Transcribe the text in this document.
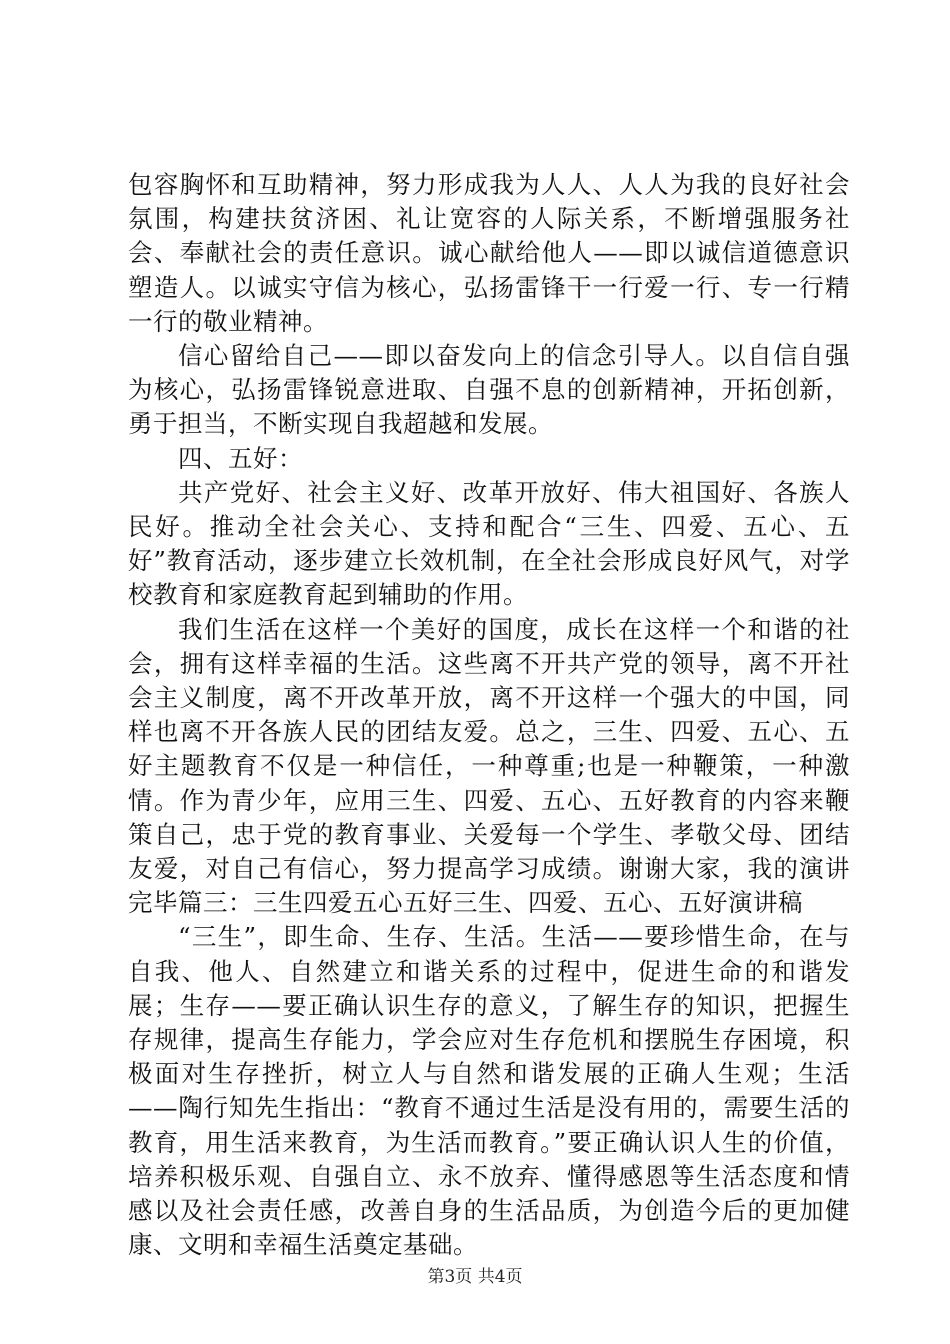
包容胸怀和互助精神，努力形成我为人人、人人为我的良好社会氛围，构建扶贫济困、礼让宽容的人际关系，不断增强服务社会、奉献社会的责任意识。诚心献给他人——即以诚信道德意识塑造人。以诚实守信为核心，弘扬雷锋干一行爱一行、专一行精一行的敬业精神。

信心留给自己——即以奋发向上的信念引导人。以自信自强为核心，弘扬雷锋锐意进取、自强不息的创新精神，开拓创新，勇于担当，不断实现自我超越和发展。

四、五好：

共产党好、社会主义好、改革开放好、伟大祖国好、各族人民好。推动全社会关心、支持和配合“三生、四爱、五心、五好”教育活动，逐步建立长效机制，在全社会形成良好风气，对学校教育和家庭教育起到辅助的作用。

我们生活在这样一个美好的国度，成长在这样一个和谐的社会，拥有这样幸福的生活。这些离不开共产党的领导，离不开社会主义制度，离不开改革开放，离不开这样一个强大的中国，同样也离不开各族人民的团结友爱。总之，三生、四爱、五心、五好主题教育不仅是一种信任，一种尊重;也是一种鞭策，一种激情。作为青少年，应用三生、四爱、五心、五好教育的内容来鞭策自己，忠于党的教育事业、关爱每一个学生、孝敬父母、团结友爱，对自己有信心，努力提高学习成绩。谢谢大家，我的演讲完毕篇三：三生四爱五心五好三生、四爱、五心、五好演讲稿

“三生”，即生命、生存、生活。生活——要珍惜生命，在与自我、他人、自然建立和谐关系的过程中，促进生命的和谐发展；生存——要正确认识生存的意义，了解生存的知识，把握生存规律，提高生存能力，学会应对生存危机和摆脱生存困境，积极面对生存挫折，树立人与自然和谐发展的正确人生观；生活——陶行知先生指出：“教育不通过生活是没有用的，需要生活的教育，用生活来教育，为生活而教育。”要正确认识人生的价值，培养积极乐观、自强自立、永不放弃、懂得感恩等生活态度和情感以及社会责任感，改善自身的生活品质，为创造今后的更加健康、文明和幸福生活奠定基础。

第3页 共4页
